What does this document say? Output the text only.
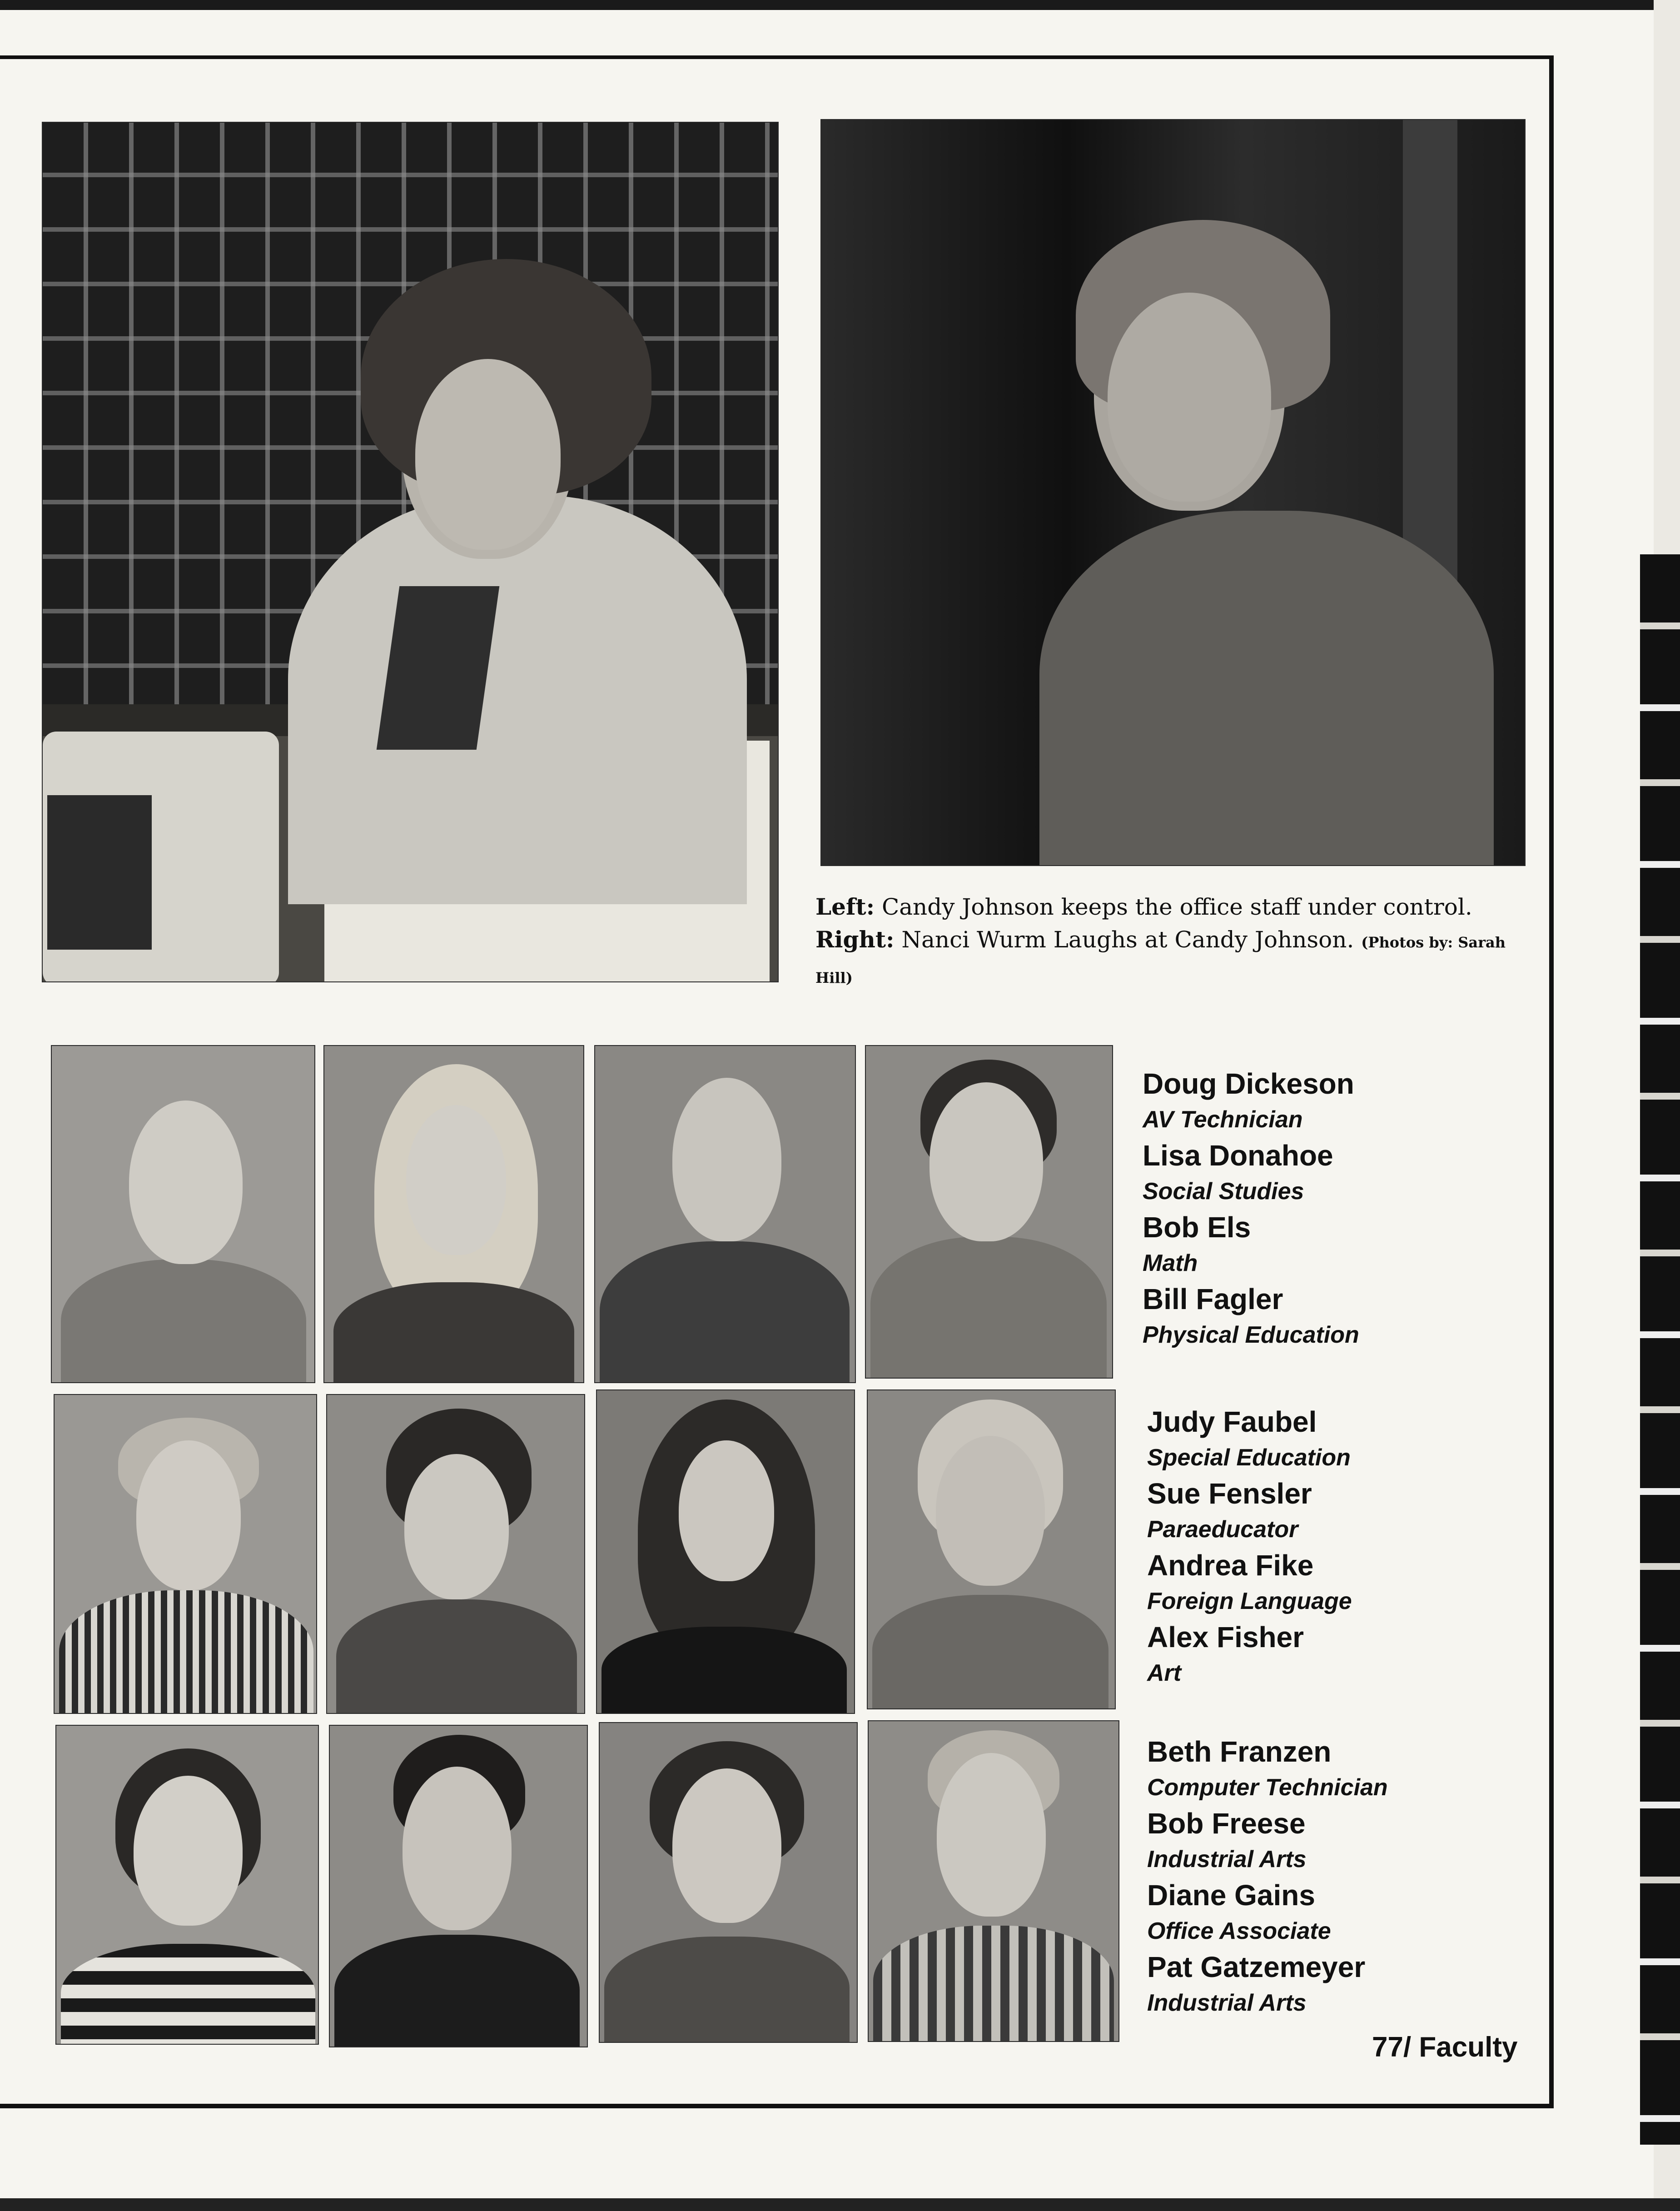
Left: Candy Johnson keeps the office staff under control.
Right: Nanci Wurm Laughs at Candy Johnson. (Photos by: Sarah Hill)
Doug Dickeson
AV Technician
Lisa Donahoe
Social Studies
Bob Els
Math
Bill Fagler
Physical Education
Judy Faubel
Special Education
Sue Fensler
Paraeducator
Andrea Fike
Foreign Language
Alex Fisher
Art
Beth Franzen
Computer Technician
Bob Freese
Industrial Arts
Diane Gains
Office Associate
Pat Gatzemeyer
Industrial Arts
77/ Faculty
